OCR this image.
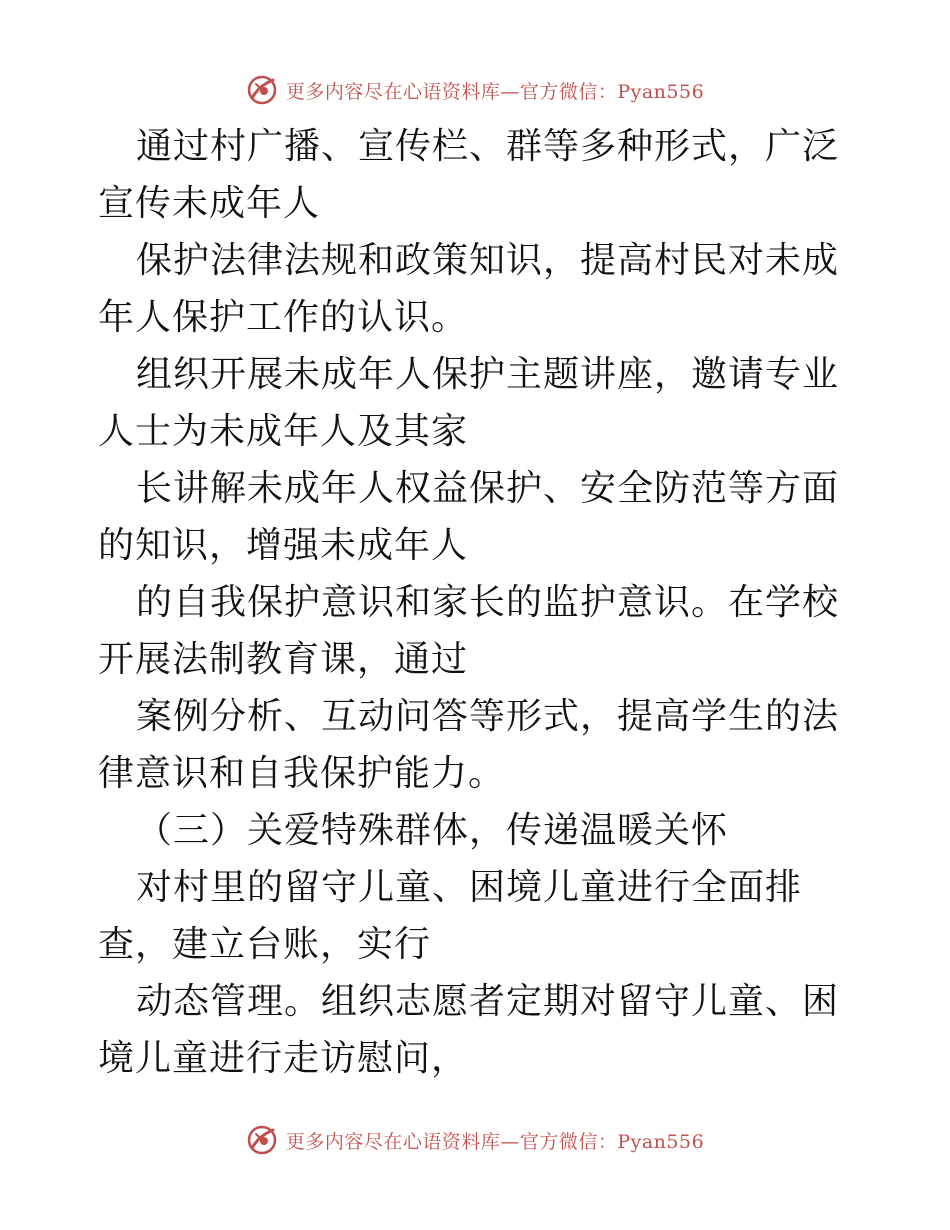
更多内容尽在心语资料库—官方微信：Pyan556

通过村广播、宣传栏、群等多种形式，广泛宣传未成年人

保护法律法规和政策知识，提高村民对未成年人保护工作的认识。

组织开展未成年人保护主题讲座，邀请专业人士为未成年人及其家

长讲解未成年人权益保护、安全防范等方面的知识，增强未成年人

的自我保护意识和家长的监护意识。在学校开展法制教育课，通过

案例分析、互动问答等形式，提高学生的法律意识和自我保护能力。

（三）关爱特殊群体，传递温暖关怀

对村里的留守儿童、困境儿童进行全面排查，建立台账，实行

动态管理。组织志愿者定期对留守儿童、困境儿童进行走访慰问，

更多内容尽在心语资料库—官方微信：Pyan556
